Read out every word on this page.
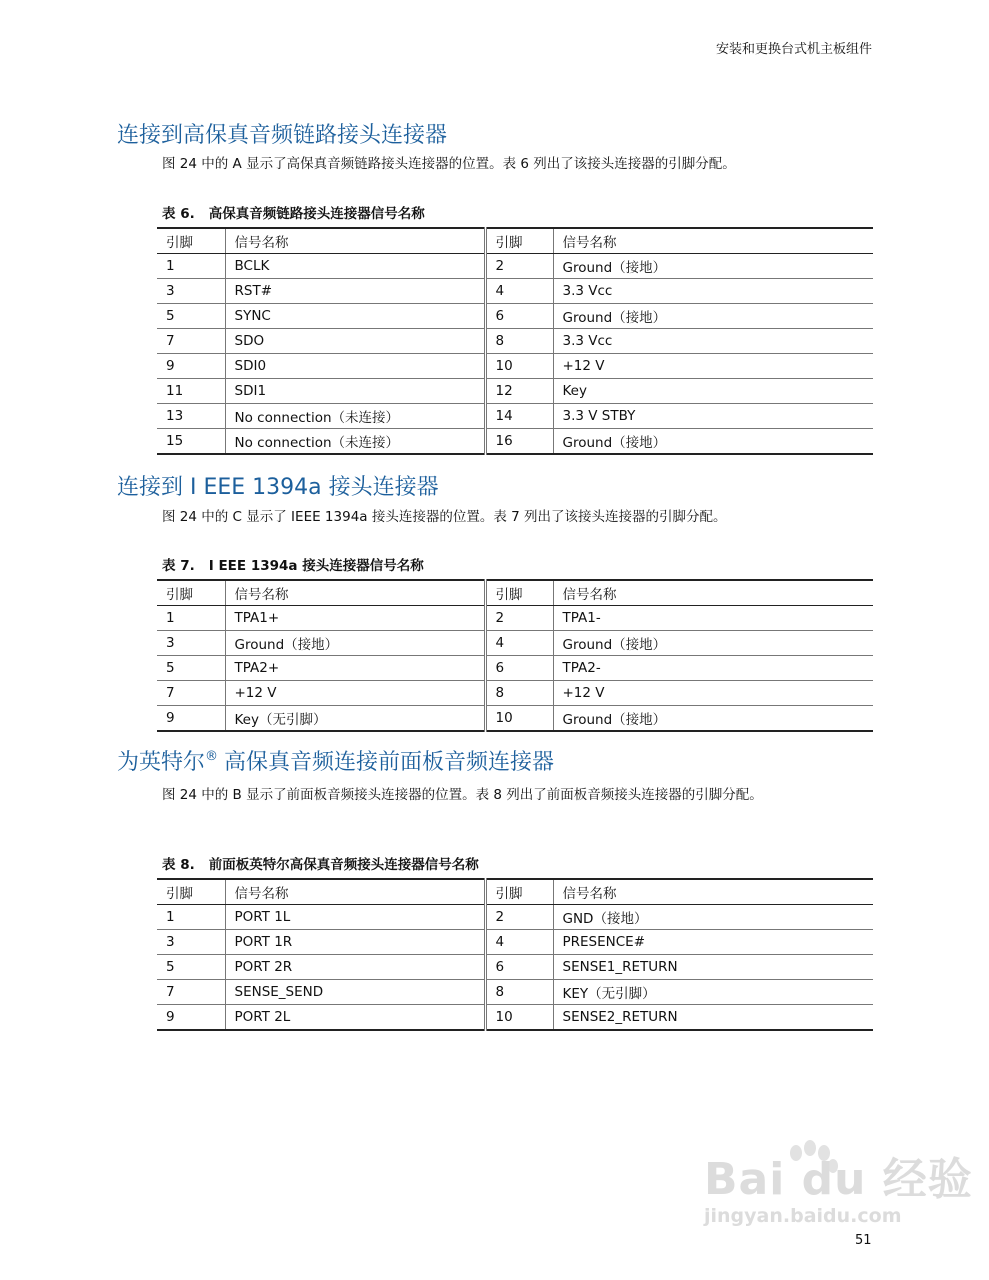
安装和更换台式机主板组件
连接到高保真音频链路接头连接器

图 24 中的 A 显示了高保真音频链路接头连接器的位置。表 6 列出了该接头连接器的引脚分配。

表 6. 高保真音频链路接头连接器信号名称
引脚	信号名称	引脚	信号名称
1	BCLK	2	Ground（接地）
3	RST#	4	3.3 Vcc
5	SYNC	6	Ground（接地）
7	SDO	8	3.3 Vcc
9	SDI0	10	+12 V
11	SDI1	12	Key
13	No connection（未连接）	14	3.3 V STBY
15	No connection（未连接）	16	Ground（接地）
连接到 I EEE 1394a 接头连接器

图 24 中的 C 显示了 IEEE 1394a 接头连接器的位置。表 7 列出了该接头连接器的引脚分配。

表 7. I EEE 1394a 接头连接器信号名称
引脚	信号名称	引脚	信号名称
1	TPA1+	2	TPA1-
3	Ground（接地）	4	Ground（接地）
5	TPA2+	6	TPA2-
7	+12 V	8	+12 V
9	Key（无引脚）	10	Ground（接地）
为英特尔® 高保真音频连接前面板音频连接器

图 24 中的 B 显示了前面板音频接头连接器的位置。表 8 列出了前面板音频接头连接器的引脚分配。

表 8. 前面板英特尔高保真音频接头连接器信号名称
引脚	信号名称	引脚	信号名称
1	PORT 1L	2	GND（接地）
3	PORT 1R	4	PRESENCE#
5	PORT 2R	6	SENSE1_RETURN
7	SENSE_SEND	8	KEY（无引脚）
9	PORT 2L	10	SENSE2_RETURN
Bai du 经验
jingyan.baidu.com
51
